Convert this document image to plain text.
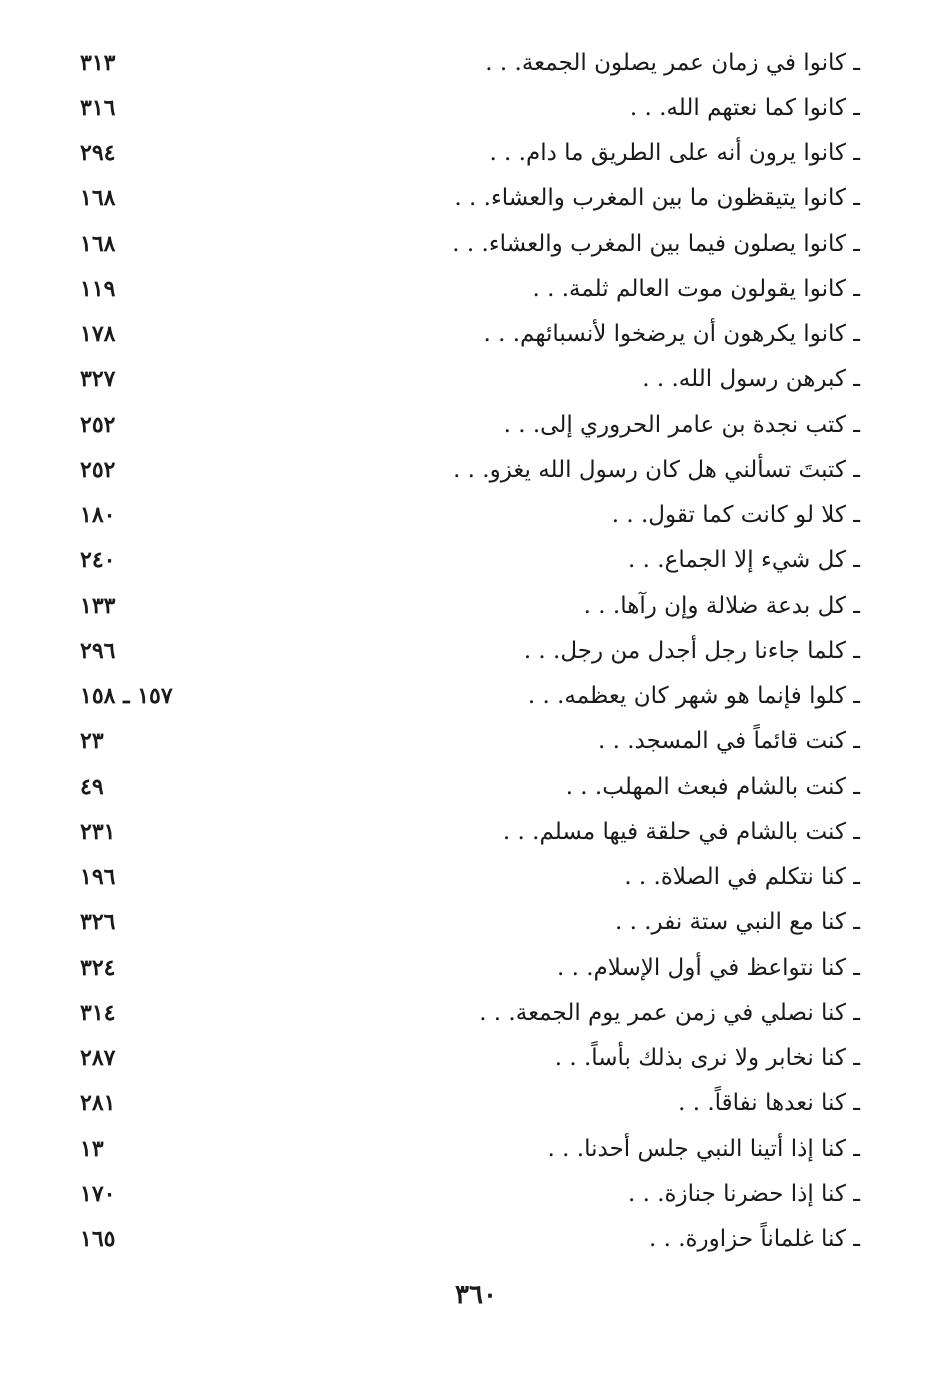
ـ كانوا في زمان عمر يصلون الجمعة. . .
٣١٣
ـ كانوا كما نعتهم الله. . .
٣١٦
ـ كانوا يرون أنه على الطريق ما دام. . .
٢٩٤
ـ كانوا يتيقظون ما بين المغرب والعشاء. . .
١٦٨
ـ كانوا يصلون فيما بين المغرب والعشاء. . .
١٦٨
ـ كانوا يقولون موت العالم ثلمة. . .
١١٩
ـ كانوا يكرهون أن يرضخوا لأنسبائهم. . .
١٧٨
ـ كبرهن رسول الله. . .
٣٢٧
ـ كتب نجدة بن عامر الحروري إلى. . .
٢٥٢
ـ كتبتَ تسألني هل كان رسول الله يغزو. . .
٢٥٢
ـ كلا لو كانت كما تقول. . .
١٨٠
ـ كل شيء إلا الجماع. . .
٢٤٠
ـ كل بدعة ضلالة وإن رآها. . .
١٣٣
ـ كلما جاءنا رجل أجدل من رجل. . .
٢٩٦
ـ كلوا فإنما هو شهر كان يعظمه. . .
١٥٧ ـ ١٥٨
ـ كنت قائماً في المسجد. . .
٢٣
ـ كنت بالشام فبعث المهلب. . .
٤٩
ـ كنت بالشام في حلقة فيها مسلم. . .
٢٣١
ـ كنا نتكلم في الصلاة. . .
١٩٦
ـ كنا مع النبي ستة نفر. . .
٣٢٦
ـ كنا نتواعظ في أول الإسلام. . .
٣٢٤
ـ كنا نصلي في زمن عمر يوم الجمعة. . .
٣١٤
ـ كنا نخابر ولا نرى بذلك بأساً. . .
٢٨٧
ـ كنا نعدها نفاقاً. . .
٢٨١
ـ كنا إذا أتينا النبي جلس أحدنا. . .
١٣
ـ كنا إذا حضرنا جنازة. . .
١٧٠
ـ كنا غلماناً حزاورة. . .
١٦٥
٣٦٠
